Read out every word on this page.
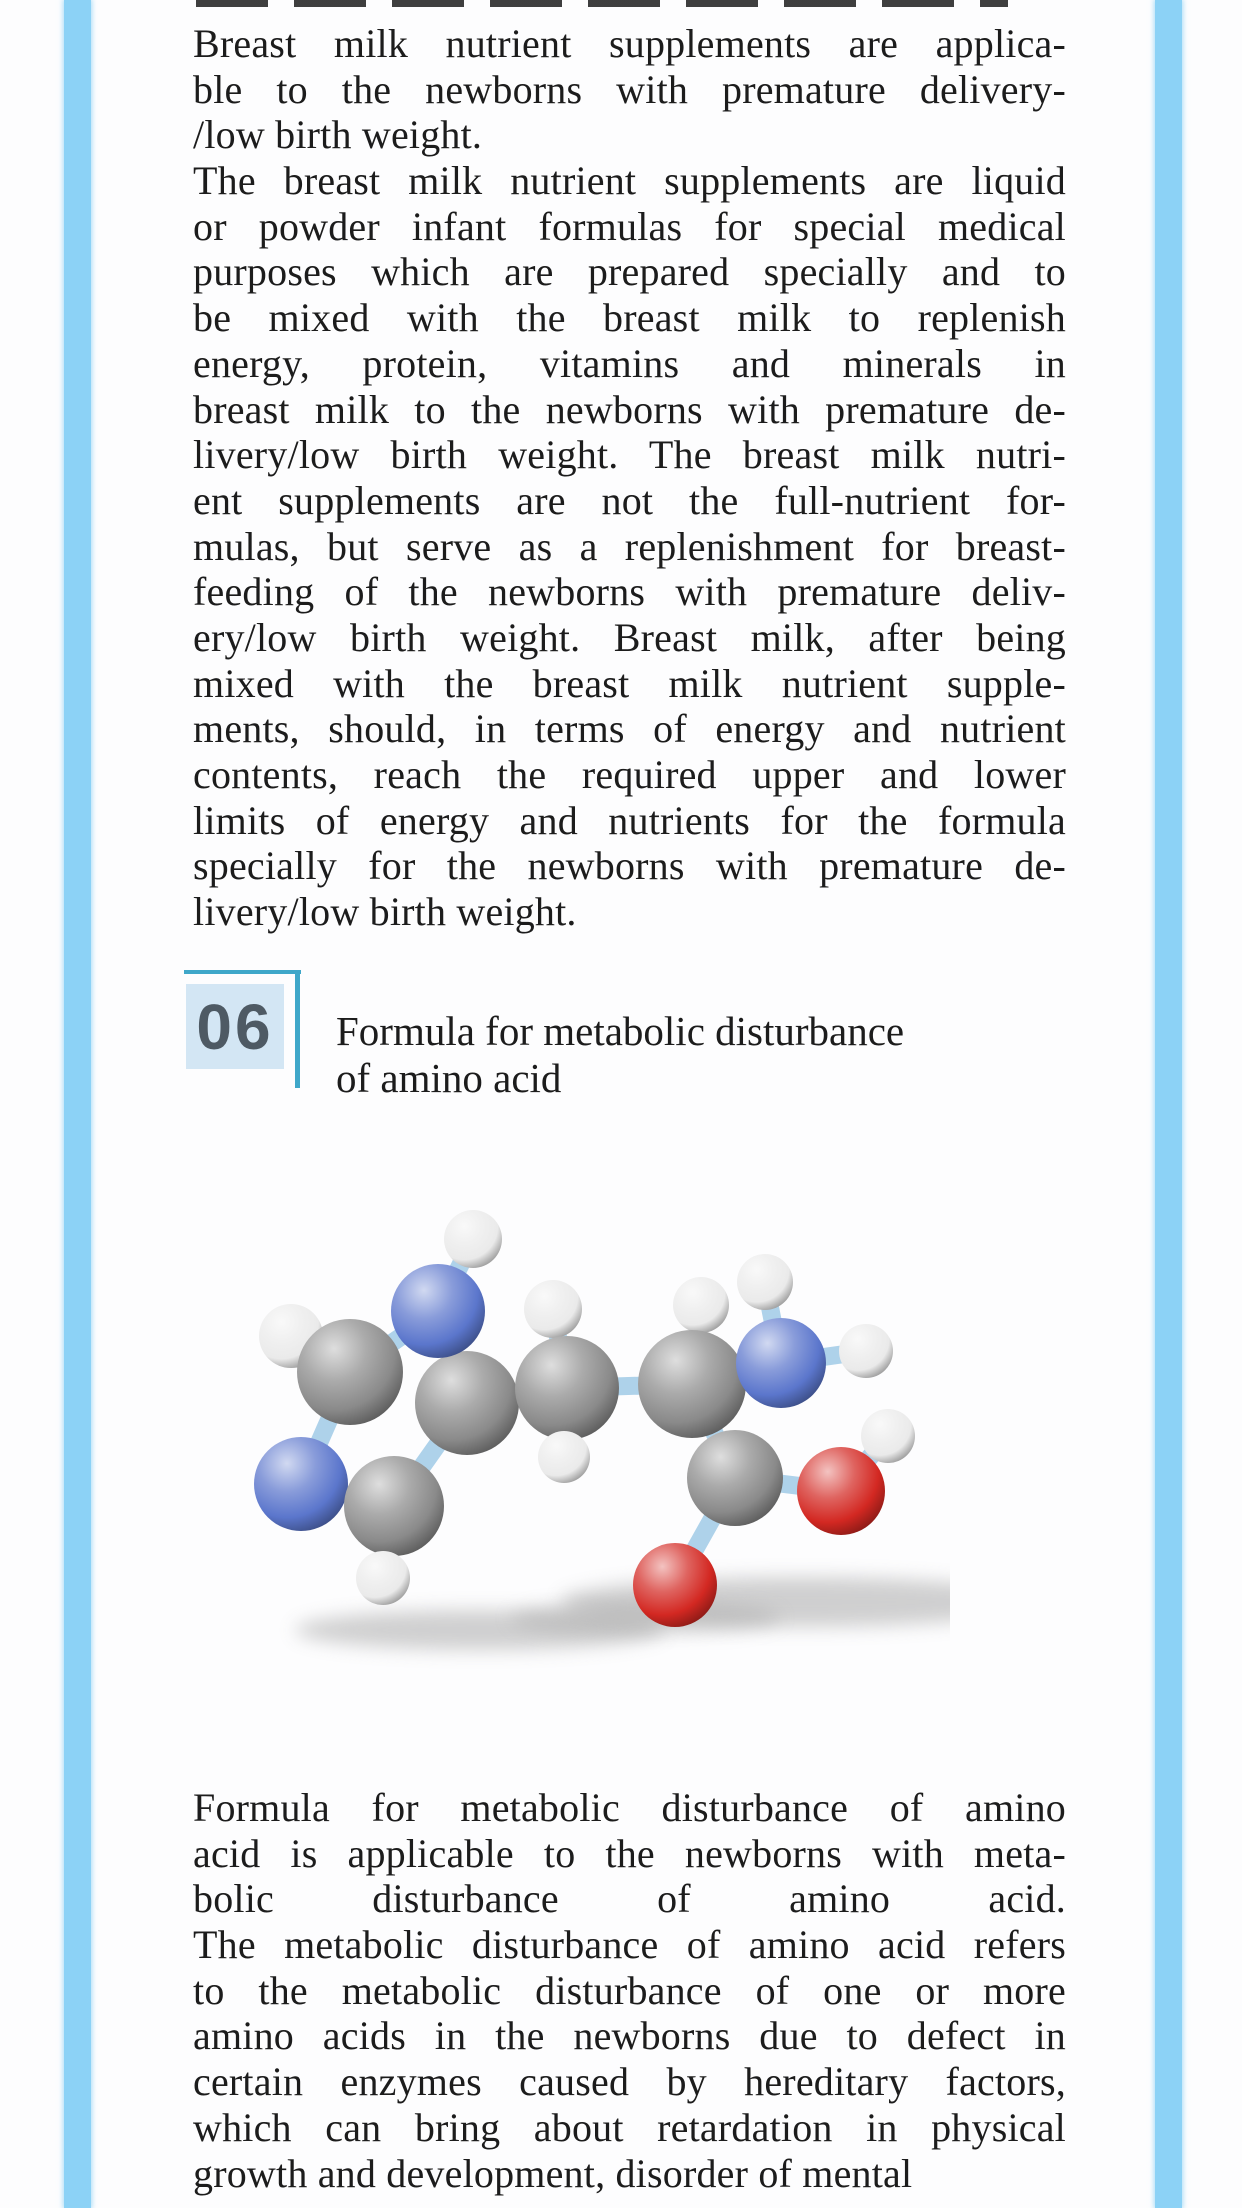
Breast milk nutrient supplements are applica-
ble to the newborns with premature delivery-
/low birth weight.
The breast milk nutrient supplements are liquid
or powder infant formulas for special medical
purposes which are prepared specially and to
be mixed with the breast milk to replenish
energy, protein, vitamins and minerals in
breast milk to the newborns with premature de-
livery/low birth weight. The breast milk nutri-
ent supplements are not the full-nutrient for-
mulas, but serve as a replenishment for breast-
feeding of the newborns with premature deliv-
ery/low birth weight. Breast milk, after being
mixed with the breast milk nutrient supple-
ments, should, in terms of energy and nutrient
contents, reach the required upper and lower
limits of energy and nutrients for the formula
specially for the newborns with premature de-
livery/low birth weight.
06 Formula for metabolic disturbance
of amino acid
Formula for metabolic disturbance of amino
acid is applicable to the newborns with meta-
bolic disturbance of amino acid.
The metabolic disturbance of amino acid refers
to the metabolic disturbance of one or more
amino acids in the newborns due to defect in
certain enzymes caused by hereditary factors,
which can bring about retardation in physical
growth and development, disorder of mental
